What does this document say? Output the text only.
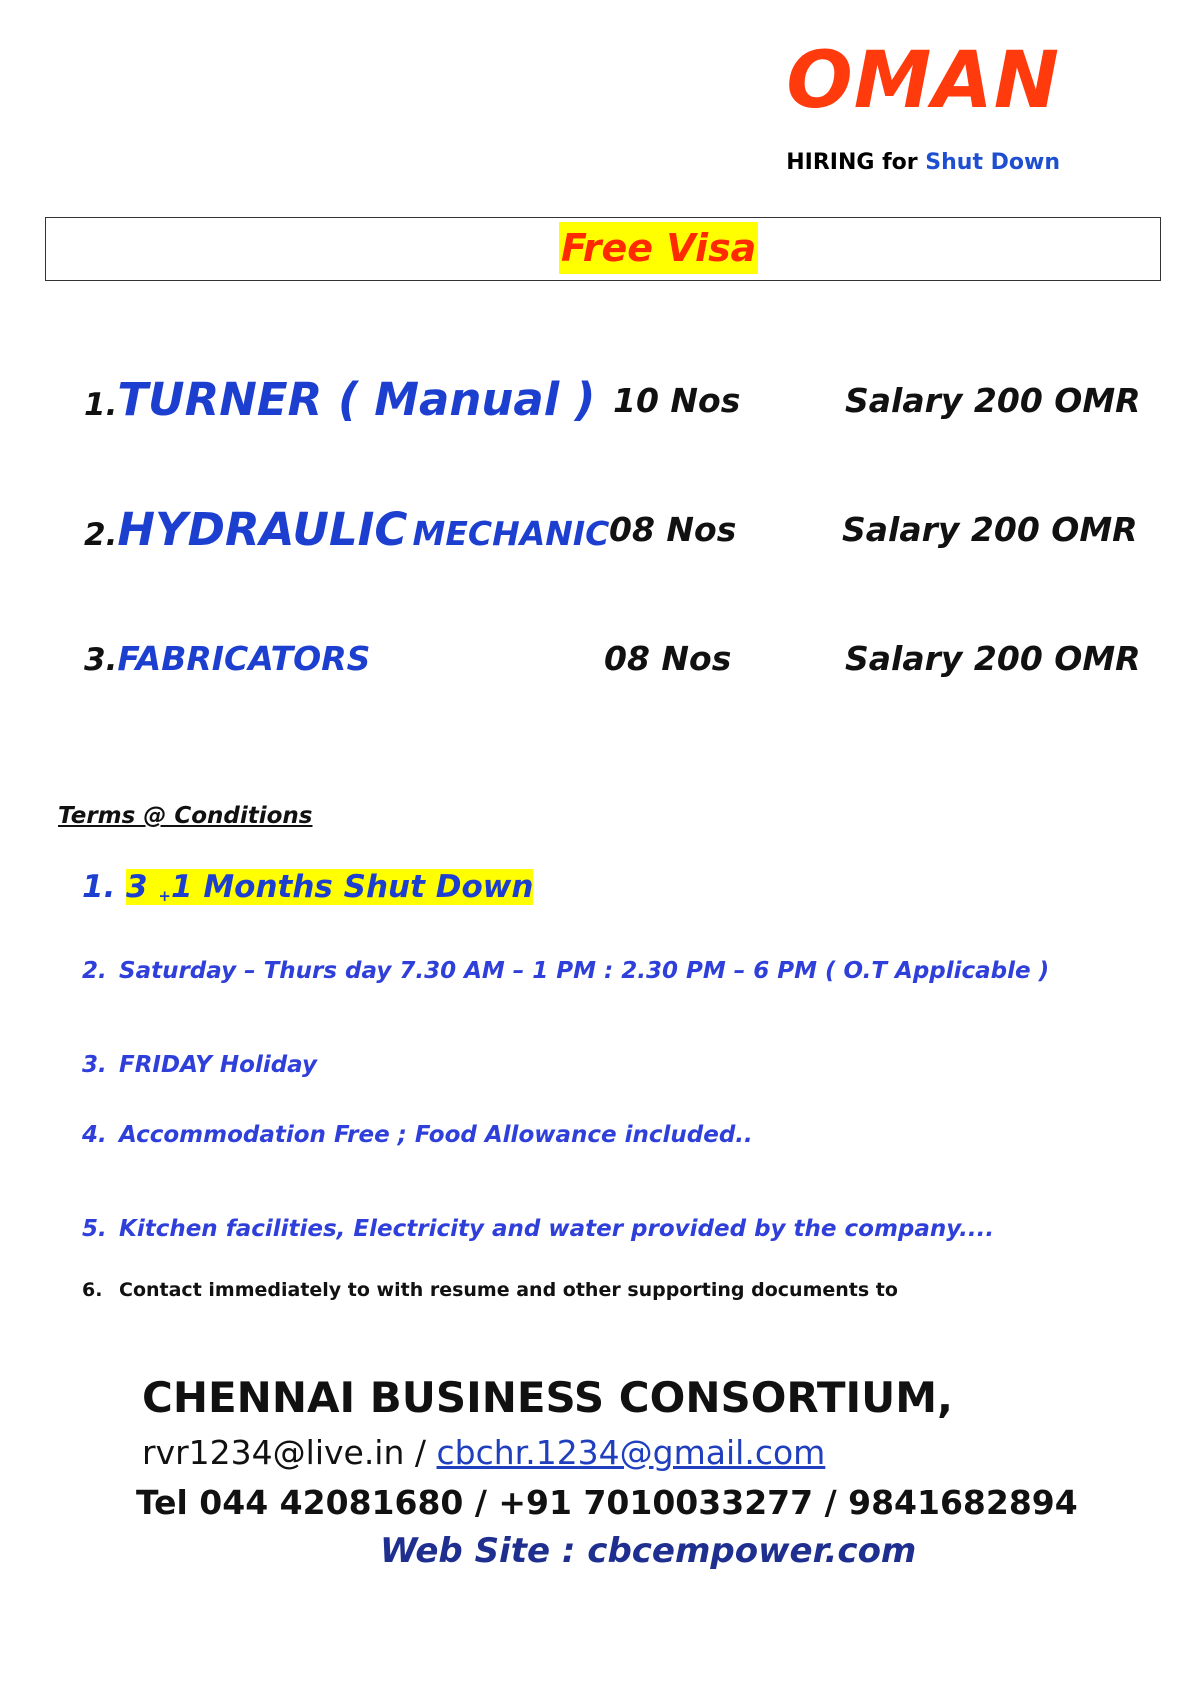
OMAN
HIRING for Shut Down
Free Visa
1.TURNER ( Manual ) 10 Nos	Salary 200 OMR
2.HYDRAULIC MECHANIC 08 Nos	Salary 200 OMR
3.FABRICATORS	08 Nos	Salary 200 OMR
Terms @ Conditions
1. 3 +1 Months Shut Down
2. Saturday – Thurs day 7.30 AM – 1 PM : 2.30 PM – 6 PM ( O.T Applicable )
3. FRIDAY Holiday
4. Accommodation Free ; Food Allowance included..
5. Kitchen facilities, Electricity and water provided by the company....
6. Contact immediately to with resume and other supporting documents to
CHENNAI BUSINESS CONSORTIUM,
rvr1234@live.in / cbchr.1234@gmail.com
Tel 044 42081680 / +91 7010033277 / 9841682894
Web Site : cbcempower.com
